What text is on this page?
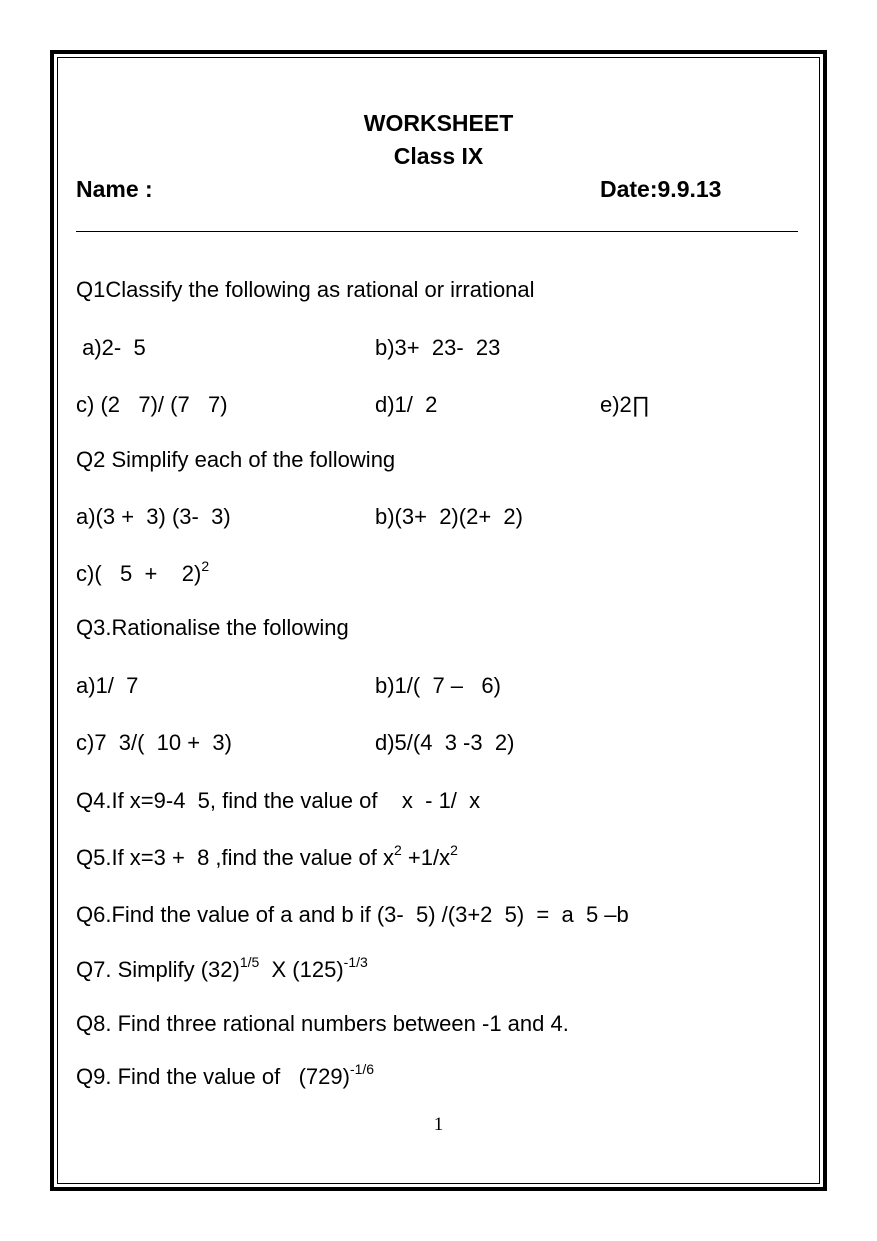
WORKSHEET
Class IX
Name :	Date:9.9.13
Q1Classify the following as rational or irrational
a)2-  5	b)3+  23-  23
c) (2   7)/ (7   7)	d)1/  2	e)2∏
Q2 Simplify each of the following
a)(3 +  3) (3-  3)	b)(3+  2)(2+  2)
c)(   5  +    2)$^2$
Q3.Rationalise the following
a)1/  7	b)1/(  7 –   6)
c)7  3/(  10 +  3)	d)5/(4  3 -3  2)
Q4.If x=9-4  5, find the value of    x  - 1/  x
Q5.If x=3 +  8 ,find the value of $x^2 +1/x^2$
Q6.Find the value of a and b if (3-  5) /(3+2  5)  =  a  5 –b
Q7. Simplify $(32)^{1/5}$  X $(125)^{-1/3}$
Q8. Find three rational numbers between -1 and 4.
Q9. Find the value of   $(729)^{-1/6}$
1
